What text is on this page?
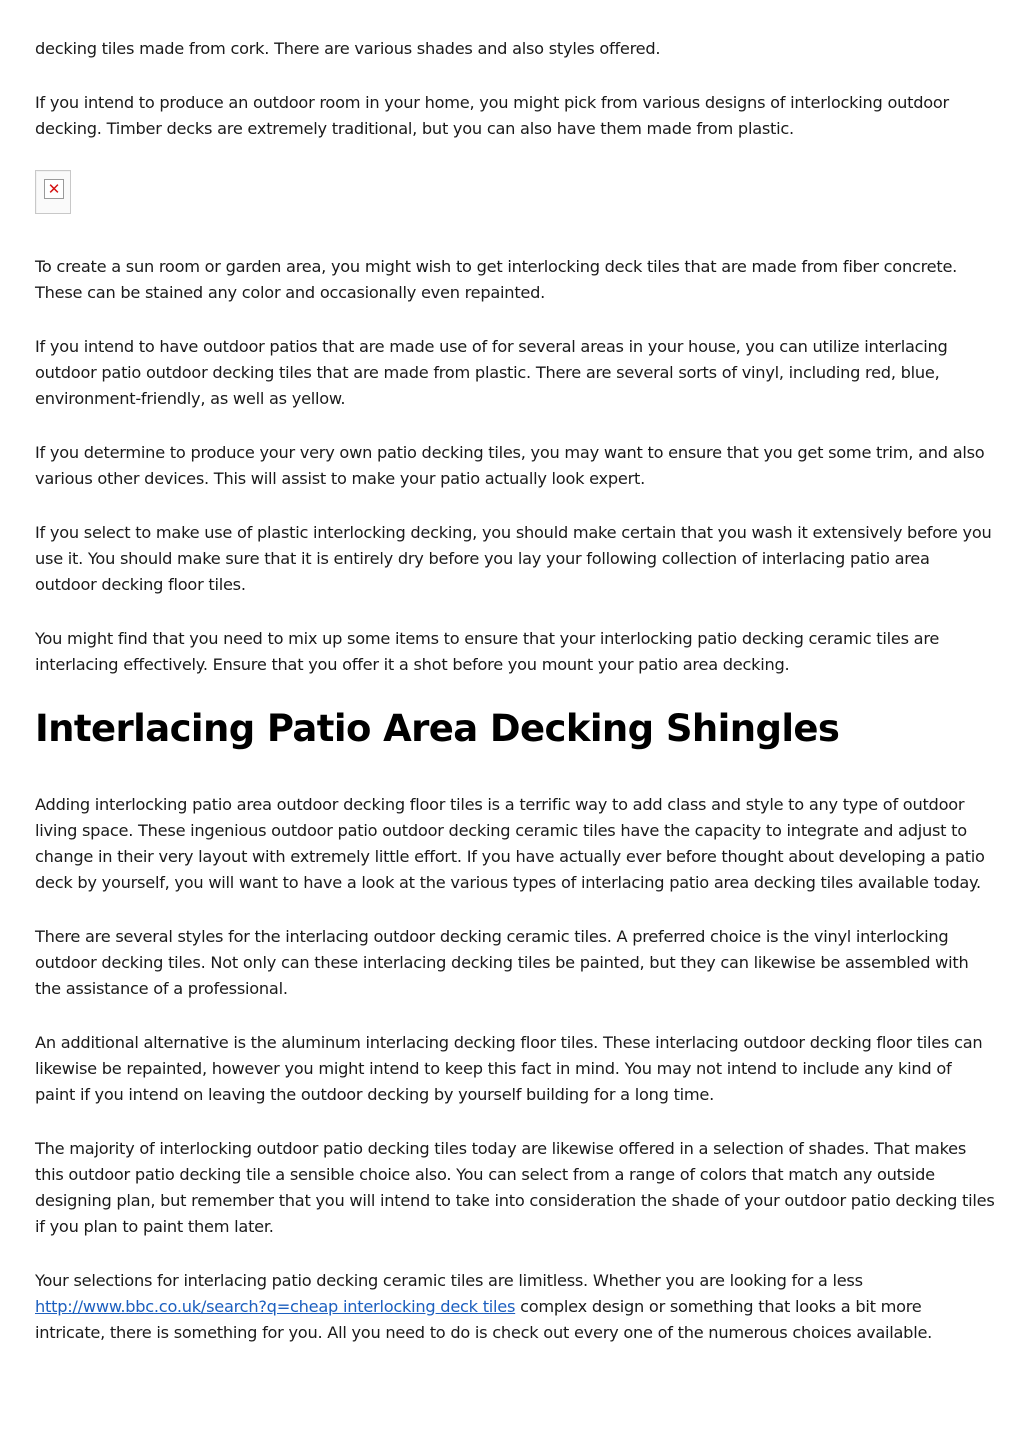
decking tiles made from cork. There are various shades and also styles offered.

If you intend to produce an outdoor room in your home, you might pick from various designs of interlocking outdoor decking. Timber decks are extremely traditional, but you can also have them made from plastic.

✕

To create a sun room or garden area, you might wish to get interlocking deck tiles that are made from fiber concrete. These can be stained any color and occasionally even repainted.

If you intend to have outdoor patios that are made use of for several areas in your house, you can utilize interlacing outdoor patio outdoor decking tiles that are made from plastic. There are several sorts of vinyl, including red, blue, environment-friendly, as well as yellow.

If you determine to produce your very own patio decking tiles, you may want to ensure that you get some trim, and also various other devices. This will assist to make your patio actually look expert.

If you select to make use of plastic interlocking decking, you should make certain that you wash it extensively before you use it. You should make sure that it is entirely dry before you lay your following collection of interlacing patio area outdoor decking floor tiles.

You might find that you need to mix up some items to ensure that your interlocking patio decking ceramic tiles are interlacing effectively. Ensure that you offer it a shot before you mount your patio area decking.

Interlacing Patio Area Decking Shingles

Adding interlocking patio area outdoor decking floor tiles is a terrific way to add class and style to any type of outdoor living space. These ingenious outdoor patio outdoor decking ceramic tiles have the capacity to integrate and adjust to change in their very layout with extremely little effort. If you have actually ever before thought about developing a patio deck by yourself, you will want to have a look at the various types of interlacing patio area decking tiles available today.

There are several styles for the interlacing outdoor decking ceramic tiles. A preferred choice is the vinyl interlocking outdoor decking tiles. Not only can these interlacing decking tiles be painted, but they can likewise be assembled with the assistance of a professional.

An additional alternative is the aluminum interlacing decking floor tiles. These interlacing outdoor decking floor tiles can likewise be repainted, however you might intend to keep this fact in mind. You may not intend to include any kind of paint if you intend on leaving the outdoor decking by yourself building for a long time.

The majority of interlocking outdoor patio decking tiles today are likewise offered in a selection of shades. That makes this outdoor patio decking tile a sensible choice also. You can select from a range of colors that match any outside designing plan, but remember that you will intend to take into consideration the shade of your outdoor patio decking tiles if you plan to paint them later.

Your selections for interlacing patio decking ceramic tiles are limitless. Whether you are looking for a less http://www.bbc.co.uk/search?q=cheap interlocking deck tiles complex design or something that looks a bit more intricate, there is something for you. All you need to do is check out every one of the numerous choices available.
